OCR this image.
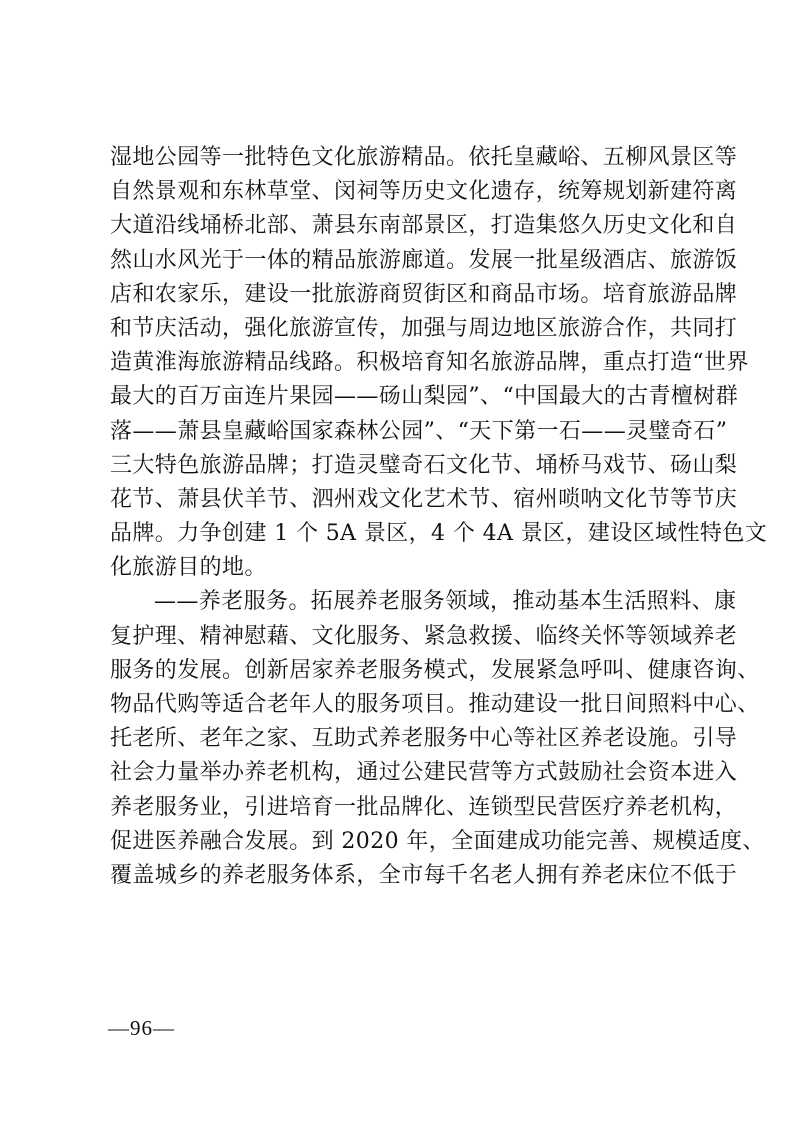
湿地公园等一批特色文化旅游精品。依托皇藏峪、五柳风景区等
自然景观和东林草堂、闵祠等历史文化遗存，统筹规划新建符离
大道沿线埇桥北部、萧县东南部景区，打造集悠久历史文化和自
然山水风光于一体的精品旅游廊道。发展一批星级酒店、旅游饭
店和农家乐，建设一批旅游商贸街区和商品市场。培育旅游品牌
和节庆活动，强化旅游宣传，加强与周边地区旅游合作，共同打
造黄淮海旅游精品线路。积极培育知名旅游品牌，重点打造“世界
最大的百万亩连片果园——砀山梨园”、“中国最大的古青檀树群
落——萧县皇藏峪国家森林公园”、“天下第一石——灵璧奇石”
三大特色旅游品牌；打造灵璧奇石文化节、埇桥马戏节、砀山梨
花节、萧县伏羊节、泗州戏文化艺术节、宿州唢呐文化节等节庆
品牌。力争创建 1 个 5A 景区，4 个 4A 景区，建设区域性特色文
化旅游目的地。
——养老服务。拓展养老服务领域，推动基本生活照料、康
复护理、精神慰藉、文化服务、紧急救援、临终关怀等领域养老
服务的发展。创新居家养老服务模式，发展紧急呼叫、健康咨询、
物品代购等适合老年人的服务项目。推动建设一批日间照料中心、
托老所、老年之家、互助式养老服务中心等社区养老设施。引导
社会力量举办养老机构，通过公建民营等方式鼓励社会资本进入
养老服务业，引进培育一批品牌化、连锁型民营医疗养老机构，
促进医养融合发展。到 2020 年，全面建成功能完善、规模适度、
覆盖城乡的养老服务体系，全市每千名老人拥有养老床位不低于
—96—
